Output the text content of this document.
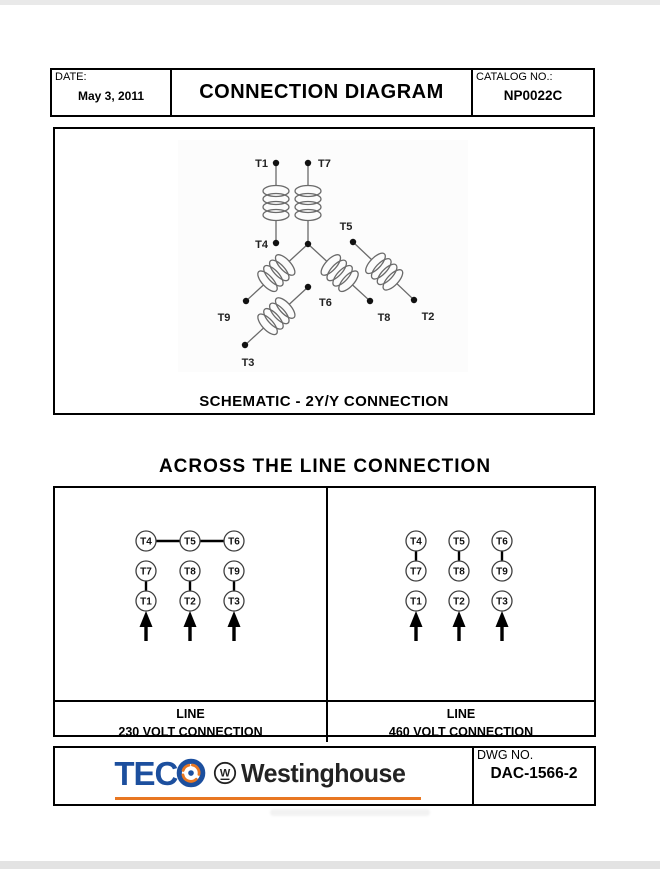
DATE:
May 3, 2011	CONNECTION DIAGRAM
CATALOG NO.:
NP0022C
T1	T7
T4
T5
T9
T6
T8	T2
T3
SCHEMATIC - 2Y/Y CONNECTION
ACROSS THE LINE CONNECTION
T4	T5	T6
T7	T8	T9
T1	T2	T3
T4	T5	T6
T7	T8	T9
T1	T2	T3
LINE
230 VOLT CONNECTION
LINE
460 VOLT CONNECTION
TEC	W Westinghouse
DWG NO.
DAC-1566-2
